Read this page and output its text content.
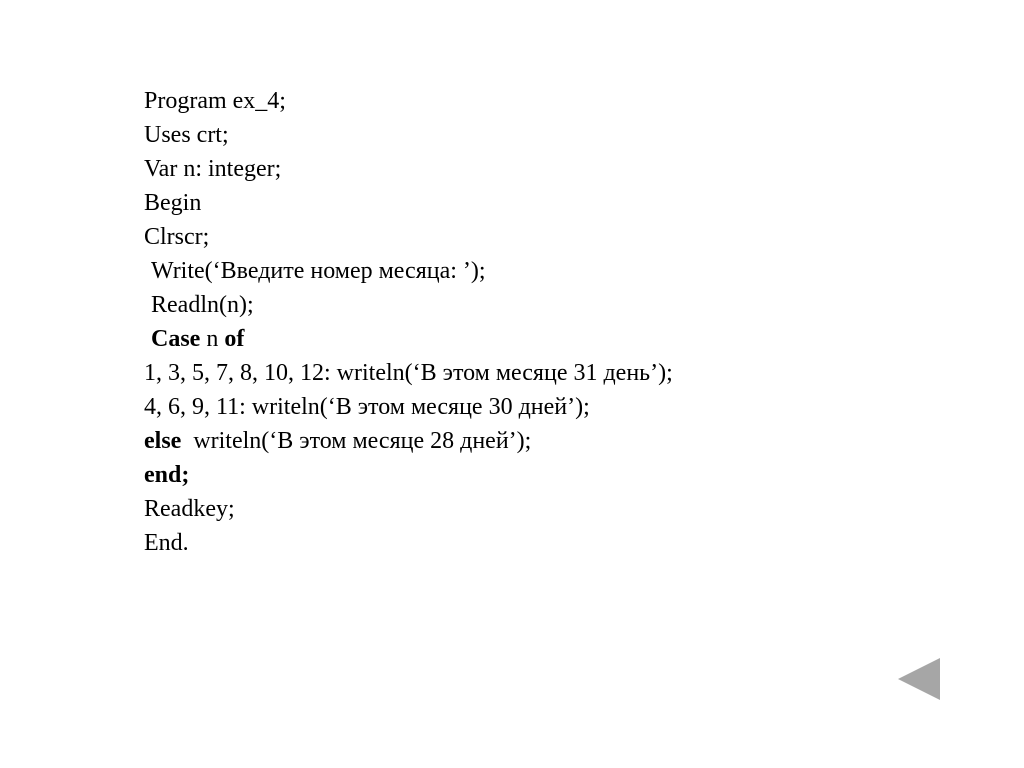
Program ex_4;
Uses crt;
Var n: integer;
Begin
Clrscr;
Write(‘Введите номер месяца: ’);
Readln(n);
Case n of
1, 3, 5, 7, 8, 10, 12: writeln(‘В этом месяце 31 день’);
4, 6, 9, 11: writeln(‘В этом месяце 30 дней’);
else  writeln(‘В этом месяце 28 дней’);
end;
Readkey;
End.
